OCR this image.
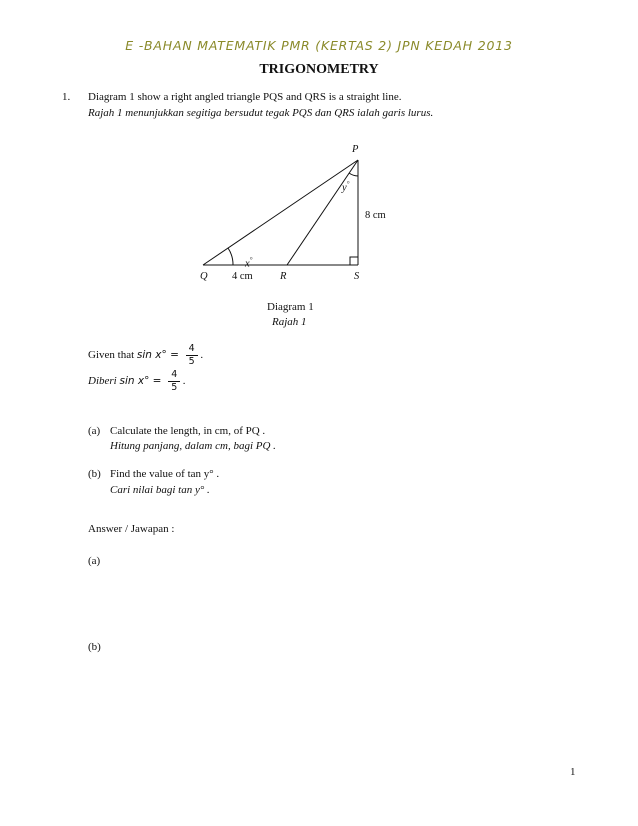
E -BAHAN MATEMATIK PMR (KERTAS 2) JPN KEDAH 2013
TRIGONOMETRY
1. Diagram 1 show a right angled triangle PQS and QRS is a straight line.
Rajah 1 menunjukkan segitiga bersudut tegak PQS dan QRS ialah garis lurus.
P
Q	R	S
4 cm
8 cm
x°
y°
Diagram 1
Rajah 1
Given that $\sin x^\circ = \frac{4}{5}$ .
Diberi $\sin x^\circ = \frac{4}{5}$ .
(a) Calculate the length, in cm, of PQ .
Hitung panjang, dalam cm, bagi PQ .
(b) Find the value of tan y° .
Cari nilai bagi tan y° .
Answer / Jawapan :
(a)
(b)
1
